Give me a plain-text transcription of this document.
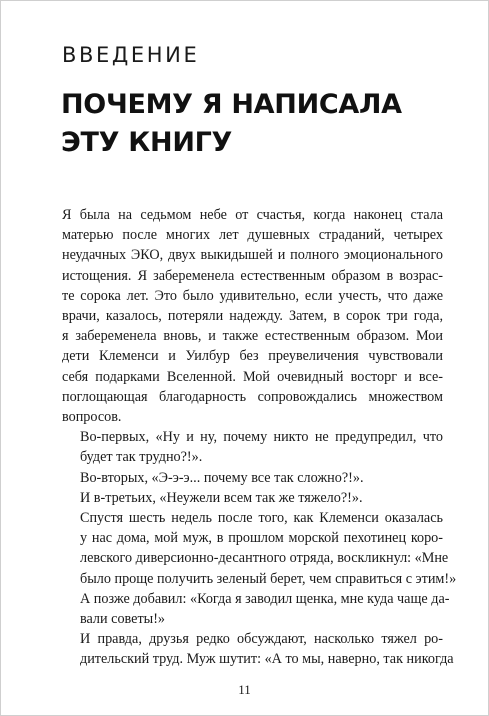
ВВЕДЕНИЕ
ПОЧЕМУ Я НАПИСАЛА
ЭТУ КНИГУ

Я была на седьмом небе от счастья, когда наконец стала
матерью после многих лет душевных страданий, четырех
неудачных ЭКО, двух выкидышей и полного эмоционального
истощения. Я забеременела естественным образом в возрас-
те сорока лет. Это было удивительно, если учесть, что даже
врачи, казалось, потеряли надежду. Затем, в сорок три года,
я забеременела вновь, и также естественным образом. Мои
дети Клеменси и Уилбур без преувеличения чувствовали
себя подарками Вселенной. Мой очевидный восторг и все-
поглощающая благодарность сопровождались множеством
вопросов.

Во-первых, «Ну и ну, почему никто не предупредил, что
будет так трудно?!».

Во-вторых, «Э-э-э... почему все так сложно?!».

И в-третьих, «Неужели всем так же тяжело?!».

Спустя шесть недель после того, как Клеменси оказалась
у нас дома, мой муж, в прошлом морской пехотинец коро-
левского диверсионно-десантного отряда, воскликнул: «Мне
было проще получить зеленый берет, чем справиться с этим!»
А позже добавил: «Когда я заводил щенка, мне куда чаще да-
вали советы!»

И правда, друзья редко обсуждают, насколько тяжел ро-
дительский труд. Муж шутит: «А то мы, наверно, так никогда

11
